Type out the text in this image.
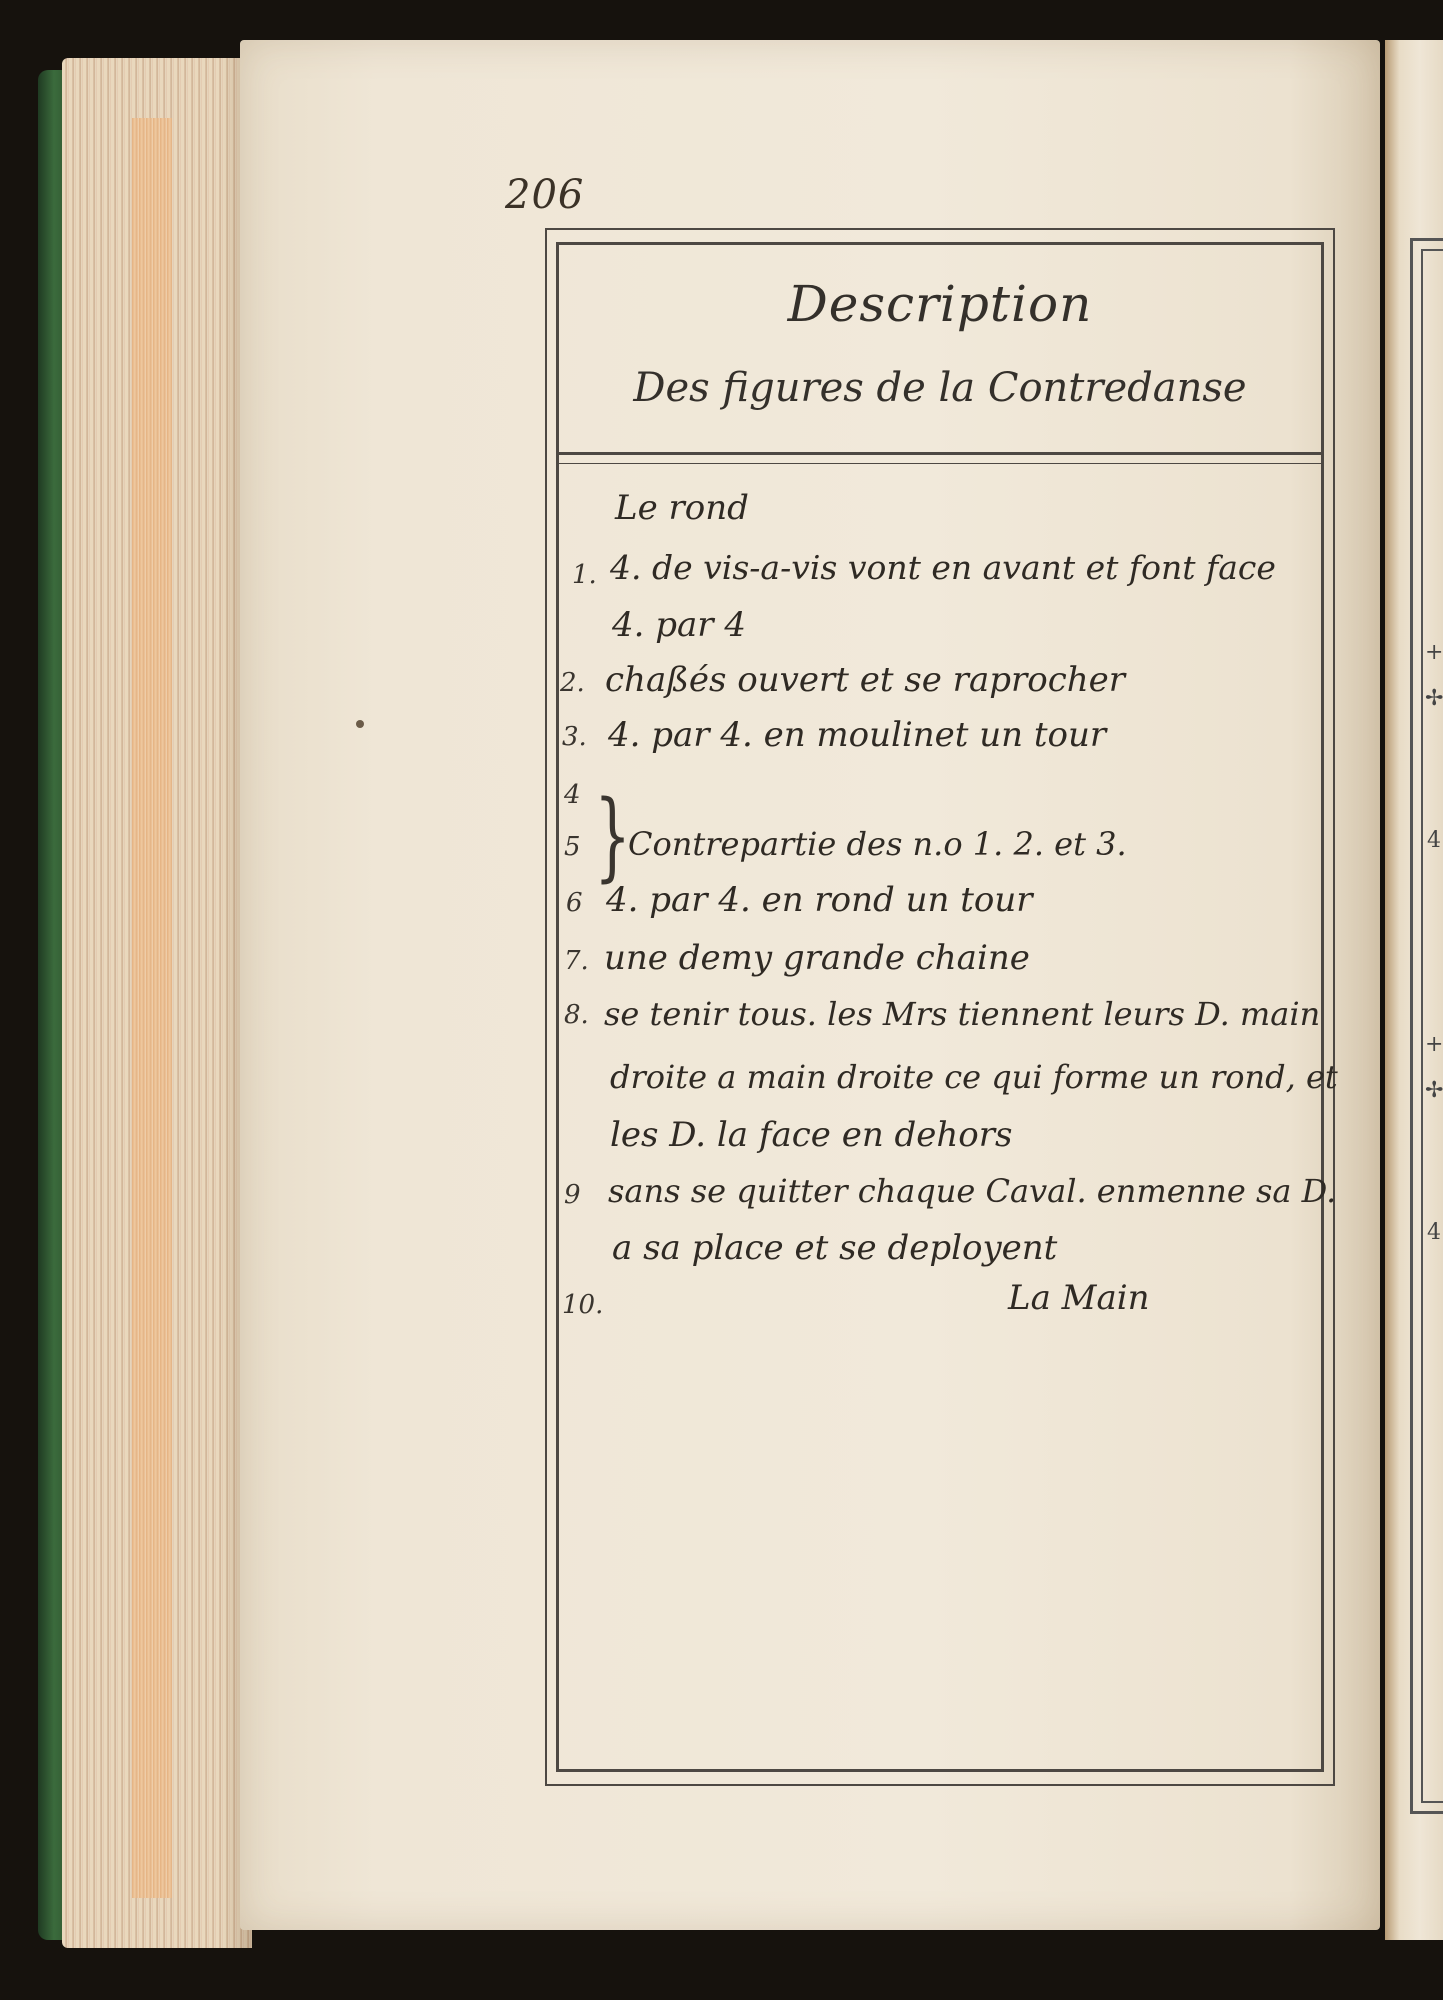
+
✢
4
+
✢
4
206
Description
Des figures de la Contredanse
Le rond
1. 4. de vis-a-vis vont en avant et font face
4. par 4
2. chaßés ouvert et se raprocher
3. 4. par 4. en moulinet un tour
4 }
5 Contrepartie des n.o 1. 2. et 3.
6 4. par 4. en rond un tour
7. une demy grande chaine
8. se tenir tous. les Mrs tiennent leurs D. main
droite a main droite ce qui forme un rond, et
les D. la face en dehors
9 sans se quitter chaque Caval. enmenne sa D.
a sa place et se deployent
10.	La Main
